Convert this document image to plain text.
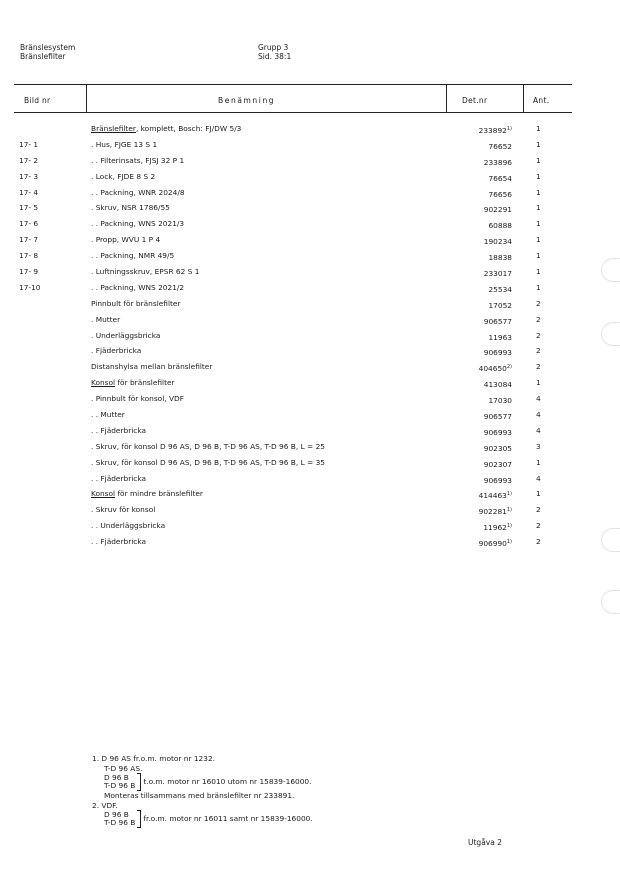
Bränslesystem
Bränslefilter
Grupp 3
Sid. 38:1
Bild nr	Benämning	Det.nr	Ant.
Bränslefilter, komplett, Bosch: FJ/DW 5/3	233892$^{1)}$	1
17- 1	. Hus, FJGE 13 S 1	76652	1
17- 2	. . Filterinsats, FJSJ 32 P 1	233896	1
17- 3	. Lock, FJDE 8 S 2	76654	1
17- 4	. . Packning, WNR 2024/8	76656	1
17- 5	. Skruv, NSR 1786/55	902291	1
17- 6	. . Packning, WNS 2021/3	60888	1
17- 7	. Propp, WVU 1 P 4	190234	1
17- 8	. . Packning, NMR 49/5	18838	1
17- 9	. Luftningsskruv, EPSR 62 S 1	233017	1
17-10	. . Packning, WNS 2021/2	25534	1
Pinnbult för bränslefilter	17052	2
. Mutter	906577	2
. Underläggsbricka	11963	2
. Fjäderbricka	906993	2
Distanshylsa mellan bränslefilter	404650$^{2)}$	2
Konsol för bränslefilter	413084	1
. Pinnbult för konsol, VDF	17030	4
. . Mutter	906577	4
. . Fjäderbricka	906993	4
. Skruv, för konsol D 96 AS, D 96 B, T-D 96 AS, T-D 96 B, L = 25	902305	3
. Skruv, för konsol D 96 AS, D 96 B, T-D 96 AS, T-D 96 B, L = 35	902307	1
. . Fjäderbricka	906993	4
Konsol för mindre bränslefilter	414463$^{1)}$	1
. Skruv för konsol	902281$^{1)}$	2
. . Underläggsbricka	11962$^{1)}$	2
. . Fjäderbricka	906990$^{1)}$	2
1. D 96 AS fr.o.m. motor nr 1232.
T-D 96 AS.
D 96 B
T-D 96 B t.o.m. motor nr 16010 utom nr 15839-16000.
Monteras tillsammans med bränslefilter nr 233891.
2. VDF.
D 96 B
T-D 96 B fr.o.m. motor nr 16011 samt nr 15839-16000.
Utgåva 2
